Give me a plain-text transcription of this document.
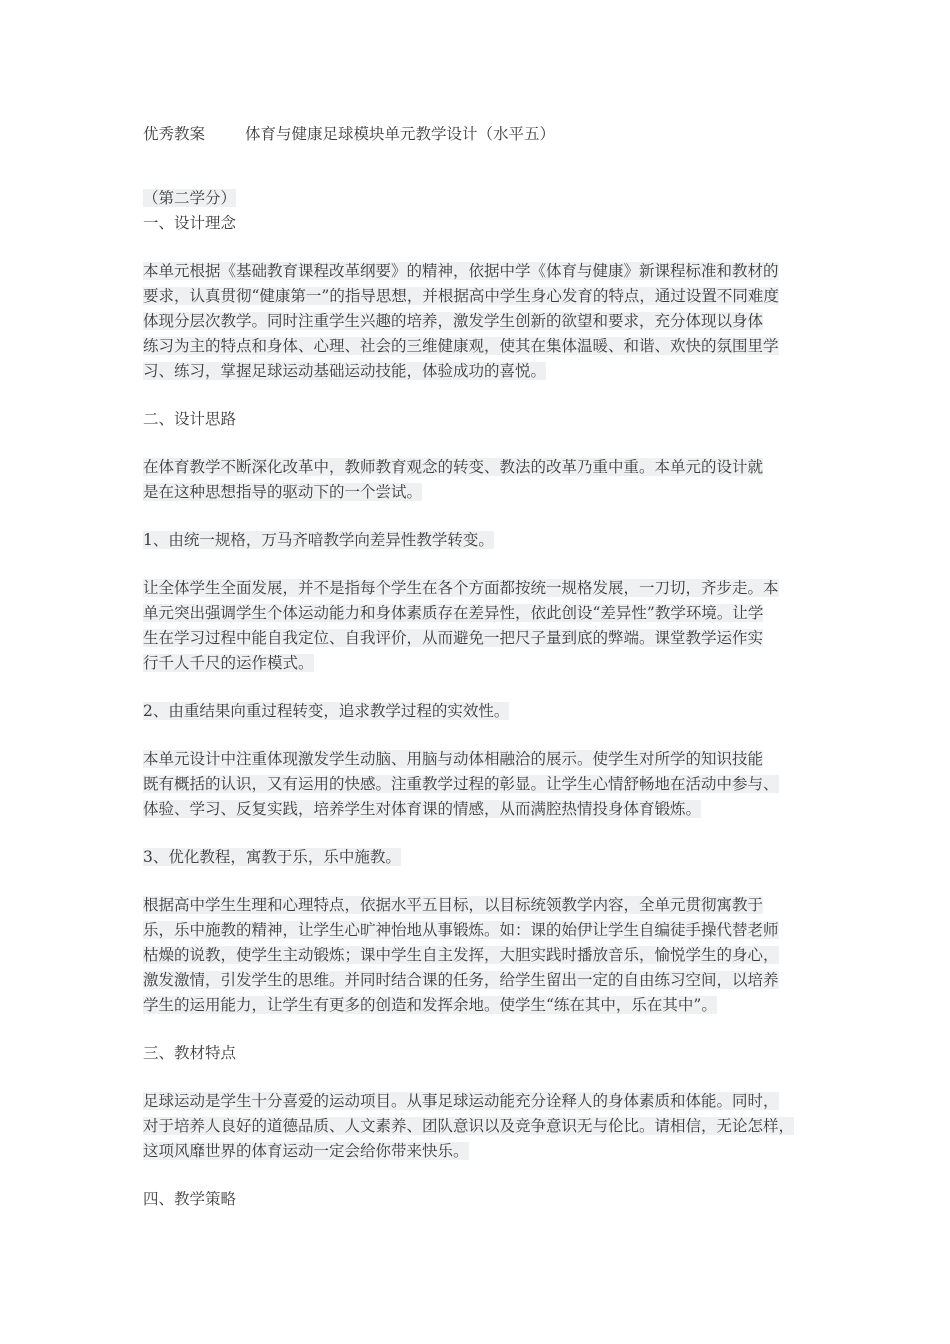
优秀教案	体育与健康足球模块单元教学设计（水平五）
（第二学分）
一、设计理念
本单元根据《基础教育课程改革纲要》的精神，依据中学《体育与健康》新课程标准和教材的
要求，认真贯彻“健康第一”的指导思想，并根据高中学生身心发育的特点，通过设置不同难度
体现分层次教学。同时注重学生兴趣的培养，激发学生创新的欲望和要求，充分体现以身体
练习为主的特点和身体、心理、社会的三维健康观，使其在集体温暖、和谐、欢快的氛围里学
习、练习，掌握足球运动基础运动技能，体验成功的喜悦。
二、设计思路
在体育教学不断深化改革中，教师教育观念的转变、教法的改革乃重中重。本单元的设计就
是在这种思想指导的驱动下的一个尝试。
1、由统一规格，万马齐喑教学向差异性教学转变。
让全体学生全面发展，并不是指每个学生在各个方面都按统一规格发展，一刀切，齐步走。本
单元突出强调学生个体运动能力和身体素质存在差异性，依此创设“差异性”教学环境。让学
生在学习过程中能自我定位、自我评价，从而避免一把尺子量到底的弊端。课堂教学运作实
行千人千尺的运作模式。
2、由重结果向重过程转变，追求教学过程的实效性。
本单元设计中注重体现激发学生动脑、用脑与动体相融洽的展示。使学生对所学的知识技能
既有概括的认识，又有运用的快感。注重教学过程的彰显。让学生心情舒畅地在活动中参与、
体验、学习、反复实践，培养学生对体育课的情感，从而满腔热情投身体育锻炼。
3、优化教程，寓教于乐，乐中施教。
根据高中学生生理和心理特点，依据水平五目标，以目标统领教学内容，全单元贯彻寓教于
乐，乐中施教的精神，让学生心旷神怡地从事锻炼。如：课的始伊让学生自编徒手操代替老师
枯燥的说教，使学生主动锻炼；课中学生自主发挥，大胆实践时播放音乐，愉悦学生的身心，
激发激情，引发学生的思维。并同时结合课的任务，给学生留出一定的自由练习空间，以培养
学生的运用能力，让学生有更多的创造和发挥余地。使学生“练在其中，乐在其中”。
三、教材特点
足球运动是学生十分喜爱的运动项目。从事足球运动能充分诠释人的身体素质和体能。同时，
对于培养人良好的道德品质、人文素养、团队意识以及竞争意识无与伦比。请相信，无论怎样，
这项风靡世界的体育运动一定会给你带来快乐。
四、教学策略
